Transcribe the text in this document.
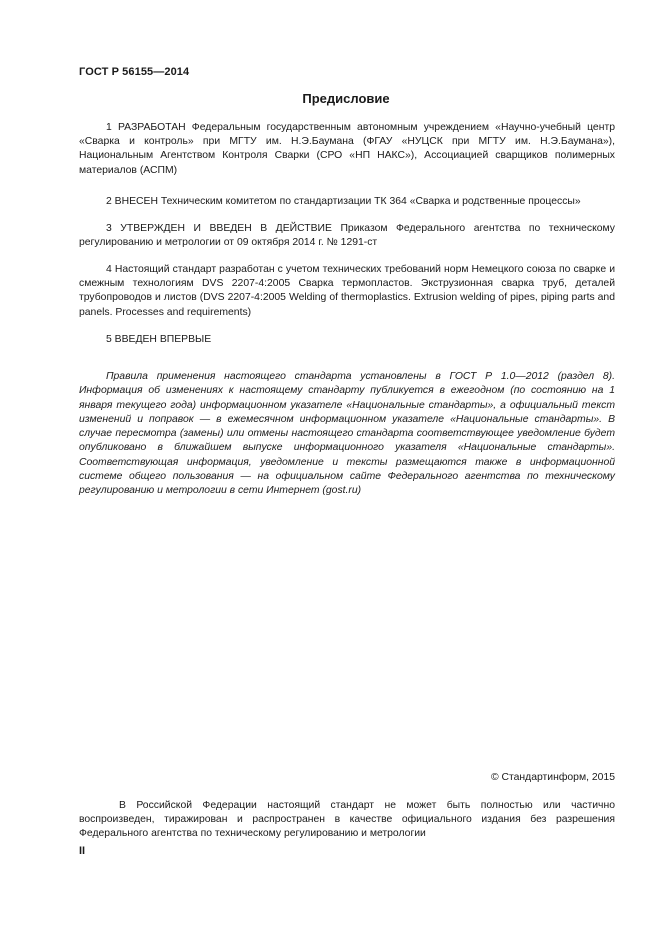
ГОСТ Р 56155—2014
Предисловие

1 РАЗРАБОТАН Федеральным государственным автономным учреждением «Научно-учебный центр «Сварка и контроль» при МГТУ им. Н.Э.Баумана (ФГАУ «НУЦСК при МГТУ им. Н.Э.Баумана»), Национальным Агентством Контроля Сварки (СРО «НП НАКС»), Ассоциацией сварщиков полимерных материалов (АСПМ)

2 ВНЕСЕН Техническим комитетом по стандартизации ТК 364 «Сварка и родственные процессы»

3 УТВЕРЖДЕН И ВВЕДЕН В ДЕЙСТВИЕ Приказом Федерального агентства по техническому регулированию и метрологии от 09 октября 2014 г. № 1291-ст

4 Настоящий стандарт разработан с учетом технических требований норм Немецкого союза по сварке и смежным технологиям DVS 2207-4:2005 Сварка термопластов. Экструзионная сварка труб, деталей трубопроводов и листов (DVS 2207-4:2005 Welding of thermoplastics. Extrusion welding of pipes, piping parts and panels. Processes and requirements)

5 ВВЕДЕН ВПЕРВЫЕ

Правила применения настоящего стандарта установлены в ГОСТ Р 1.0—2012 (раздел 8). Информация об изменениях к настоящему стандарту публикуется в ежегодном (по состоянию на 1 января текущего года) информационном указателе «Национальные стандарты», а официальный текст изменений и поправок — в ежемесячном информационном указателе «Национальные стандарты». В случае пересмотра (замены) или отмены настоящего стандарта соответствующее уведомление будет опубликовано в ближайшем выпуске информационного указателя «Национальные стандарты». Соответствующая информация, уведомление и тексты размещаются также в информационной системе общего пользования — на официальном сайте Федерального агентства по техническому регулированию и метрологии в сети Интернет (gost.ru)

© Стандартинформ, 2015

В Российской Федерации настоящий стандарт не может быть полностью или частично воспроизведен, тиражирован и распространен в качестве официального издания без разрешения Федерального агентства по техническому регулированию и метрологии

II
